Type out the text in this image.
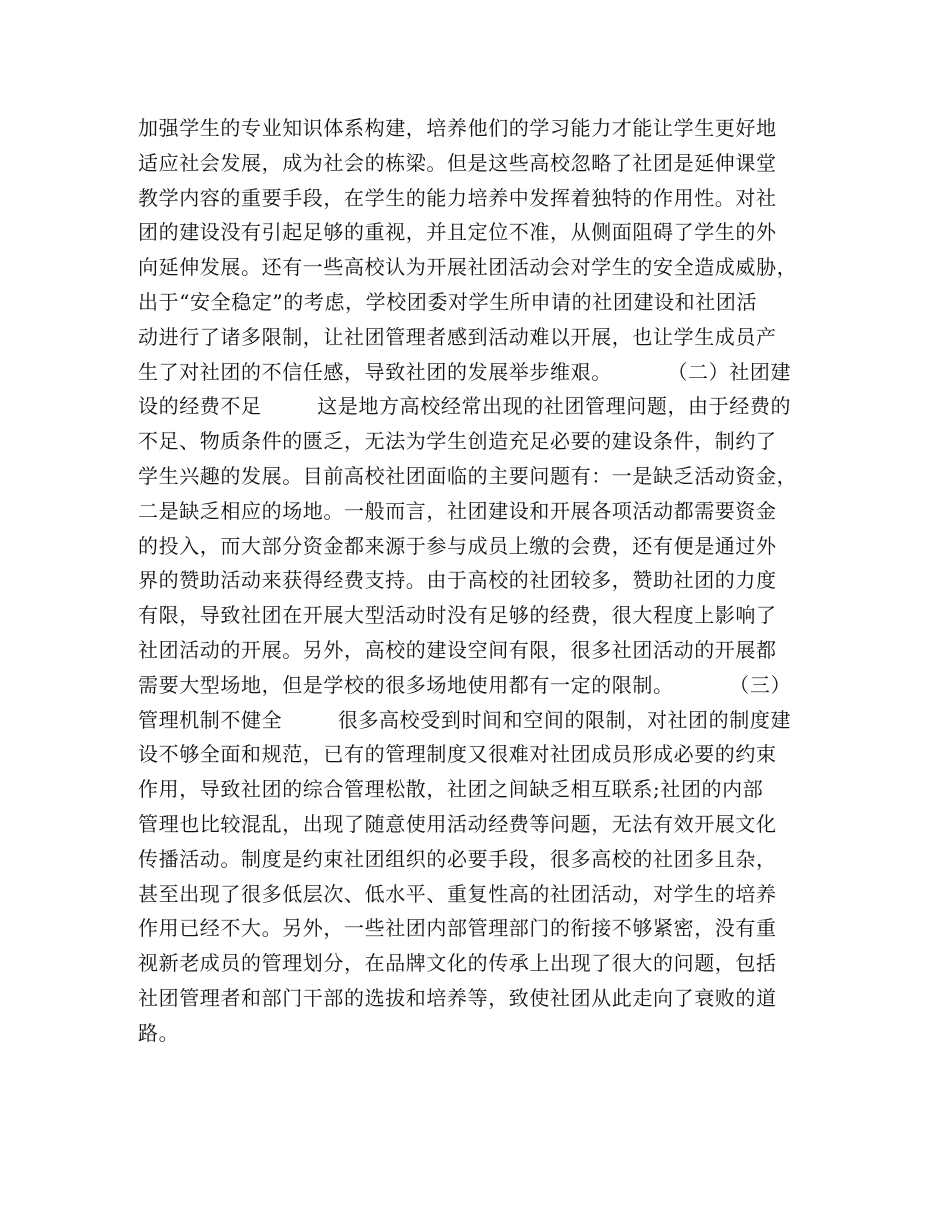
加强学生的专业知识体系构建，培养他们的学习能力才能让学生更好地
适应社会发展，成为社会的栋梁。但是这些高校忽略了社团是延伸课堂
教学内容的重要手段，在学生的能力培养中发挥着独特的作用性。对社
团的建设没有引起足够的重视，并且定位不准，从侧面阻碍了学生的外
向延伸发展。还有一些高校认为开展社团活动会对学生的安全造成威胁，
出于“安全稳定”的考虑，学校团委对学生所申请的社团建设和社团活
动进行了诸多限制，让社团管理者感到活动难以开展，也让学生成员产
生了对社团的不信任感，导致社团的发展举步维艰。        （二）社团建
设的经费不足        这是地方高校经常出现的社团管理问题，由于经费的
不足、物质条件的匮乏，无法为学生创造充足必要的建设条件，制约了
学生兴趣的发展。目前高校社团面临的主要问题有：一是缺乏活动资金，
二是缺乏相应的场地。一般而言，社团建设和开展各项活动都需要资金
的投入，而大部分资金都来源于参与成员上缴的会费，还有便是通过外
界的赞助活动来获得经费支持。由于高校的社团较多，赞助社团的力度
有限，导致社团在开展大型活动时没有足够的经费，很大程度上影响了
社团活动的开展。另外，高校的建设空间有限，很多社团活动的开展都
需要大型场地，但是学校的很多场地使用都有一定的限制。        （三）
管理机制不健全        很多高校受到时间和空间的限制，对社团的制度建
设不够全面和规范，已有的管理制度又很难对社团成员形成必要的约束
作用，导致社团的综合管理松散，社团之间缺乏相互联系;社团的内部
管理也比较混乱，出现了随意使用活动经费等问题，无法有效开展文化
传播活动。制度是约束社团组织的必要手段，很多高校的社团多且杂，
甚至出现了很多低层次、低水平、重复性高的社团活动，对学生的培养
作用已经不大。另外，一些社团内部管理部门的衔接不够紧密，没有重
视新老成员的管理划分，在品牌文化的传承上出现了很大的问题，包括
社团管理者和部门干部的选拔和培养等，致使社团从此走向了衰败的道
路。
